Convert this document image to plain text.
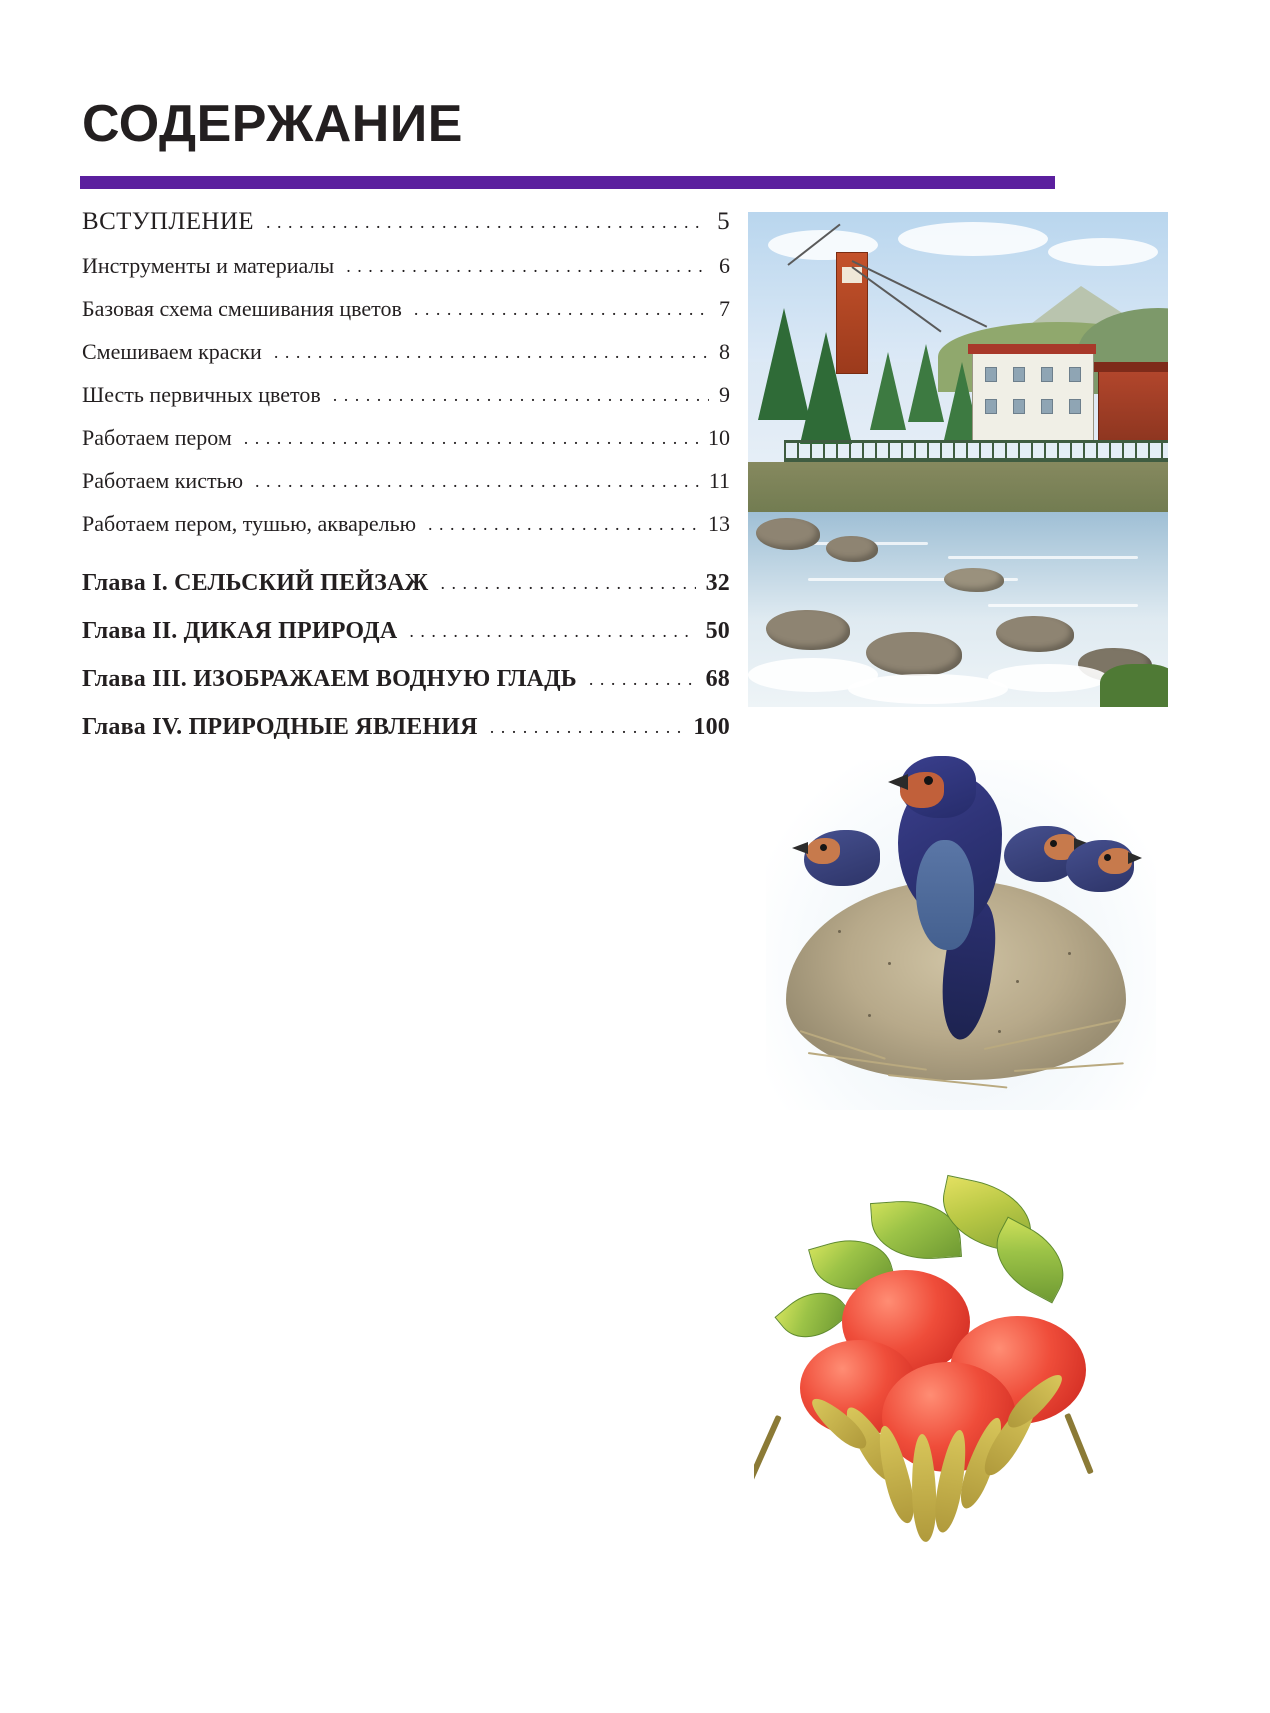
СОДЕРЖАНИЕ
ВСТУПЛЕНИЕ . . .	5
Инструменты и материалы . . .	6
Базовая схема смешивания цветов . . .	7
Смешиваем краски . . .	8
Шесть первичных цветов . . .	9
Работаем пером . . .	10
Работаем кистью . . .	11
Работаем пером, тушью, акварелью . . .	13
Глава I. СЕЛЬСКИЙ ПЕЙЗАЖ . . .	32
Глава II. ДИКАЯ ПРИРОДА . . .	50
Глава III. ИЗОБРАЖАЕМ ВОДНУЮ ГЛАДЬ . . .	68
Глава IV. ПРИРОДНЫЕ ЯВЛЕНИЯ . . .	100
